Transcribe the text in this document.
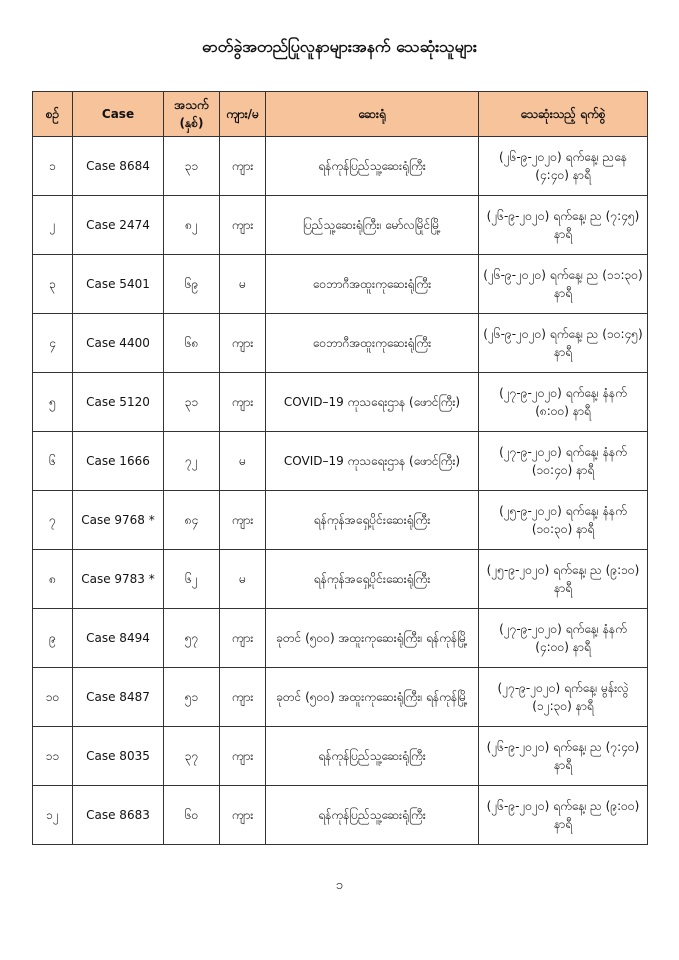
ဓာတ်ခွဲအတည်ပြုလူနာများအနက် သေဆုံးသူများ
စဉ်	Case	အသက် (နှစ်)	ကျား/မ	ဆေးရုံ	သေဆုံးသည့် ရက်စွဲ
၁	Case 8684	၃၁	ကျား	ရန်ကုန်ပြည်သူ့ဆေးရုံကြီး	(၂၆-၉-၂၀၂၀) ရက်နေ့၊ ညနေ (၄:၄၀) နာရီ
၂	Case 2474	၈၂	ကျား	ပြည်သူ့ဆေးရုံကြီး၊ မော်လမြိုင်မြို့	(၂၆-၉-၂၀၂၀) ရက်နေ့၊ ည (၇:၄၅) နာရီ
၃	Case 5401	၆၉	မ	ဝေဘာဂီအထူးကုဆေးရုံကြီး	(၂၆-၉-၂၀၂၀) ရက်နေ့၊ ည (၁၁:၃၀) နာရီ
၄	Case 4400	၆၈	ကျား	ဝေဘာဂီအထူးကုဆေးရုံကြီး	(၂၆-၉-၂၀၂၀) ရက်နေ့၊ ည (၁၀:၄၅) နာရီ
၅	Case 5120	၃၁	ကျား	COVID–19 ကုသရေးဌာန (ဖောင်ကြီး)	(၂၇-၉-၂၀၂၀) ရက်နေ့၊ နံနက် (၈:၀၀) နာရီ
၆	Case 1666	၇၂	မ	COVID–19 ကုသရေးဌာန (ဖောင်ကြီး)	(၂၇-၉-၂၀၂၀) ရက်နေ့၊ နံနက် (၁၀:၄၀) နာရီ
၇	Case 9768 *	၈၄	ကျား	ရန်ကုန်အရှေ့ပိုင်းဆေးရုံကြီး	(၂၅-၉-၂၀၂၀) ရက်နေ့၊ နံနက် (၁၀:၃၀) နာရီ
၈	Case 9783 *	၆၂	မ	ရန်ကုန်အရှေ့ပိုင်းဆေးရုံကြီး	(၂၅-၉-၂၀၂၀) ရက်နေ့၊ ည (၉:၁၀) နာရီ
၉	Case 8494	၅၇	ကျား	ခုတင် (၅၀၀) အထူးကုဆေးရုံကြီး၊ ရန်ကုန်မြို့	(၂၇-၉-၂၀၂၀) ရက်နေ့၊ နံနက် (၄:၀၀) နာရီ
၁၀	Case 8487	၅၁	ကျား	ခုတင် (၅၀၀) အထူးကုဆေးရုံကြီး၊ ရန်ကုန်မြို့	(၂၇-၉-၂၀၂၀) ရက်နေ့၊ မွန်းလွဲ (၁၂:၃၀) နာရီ
၁၁	Case 8035	၃၇	ကျား	ရန်ကုန်ပြည်သူ့ဆေးရုံကြီး	(၂၆-၉-၂၀၂၀) ရက်နေ့၊ ည (၇:၄၀) နာရီ
၁၂	Case 8683	၆၀	ကျား	ရန်ကုန်ပြည်သူ့ဆေးရုံကြီး	(၂၆-၉-၂၀၂၀) ရက်နေ့၊ ည (၉:၀၀) နာရီ
၁
